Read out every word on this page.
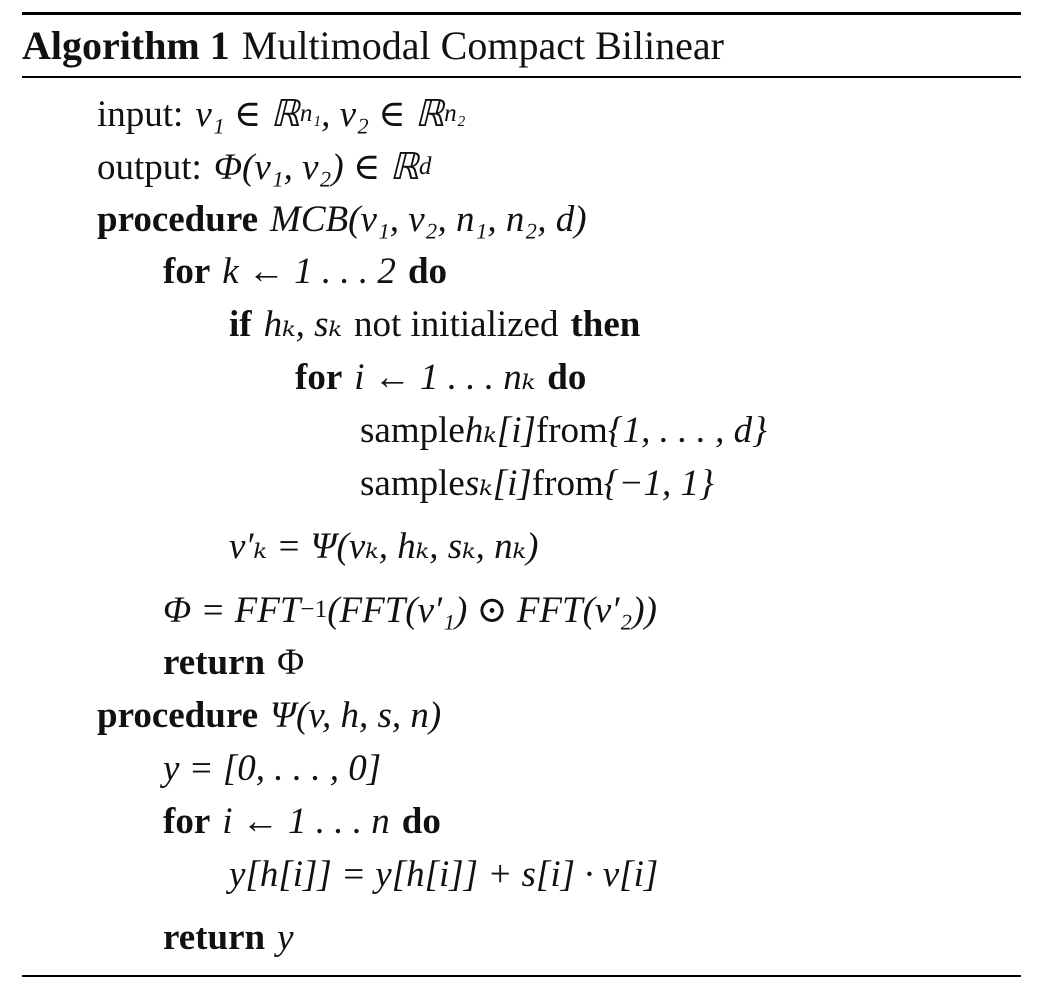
Algorithm 1 Multimodal Compact Bilinear
input: v₁ ∈ ℝ n₁ , v₂ ∈ ℝ n₂
output: Φ(v₁, v₂) ∈ ℝ d
procedure MCB(v₁, v₂, n₁, n₂, d)
for k ← 1 . . . 2 do
if hₖ, sₖ not initialized then
for i ← 1 . . . nₖ do
sample hₖ[i] from {1, . . . , d}
sample sₖ[i] from {−1, 1}
v′ₖ = Ψ(vₖ, hₖ, sₖ, nₖ)
Φ = FFT −1 (FFT(v′₁) ⊙ FFT(v′₂))
return Φ
procedure Ψ(v, h, s, n)
y = [0, . . . , 0]
for i ← 1 . . . n do
y[h[i]] = y[h[i]] + s[i] · v[i]
return y
